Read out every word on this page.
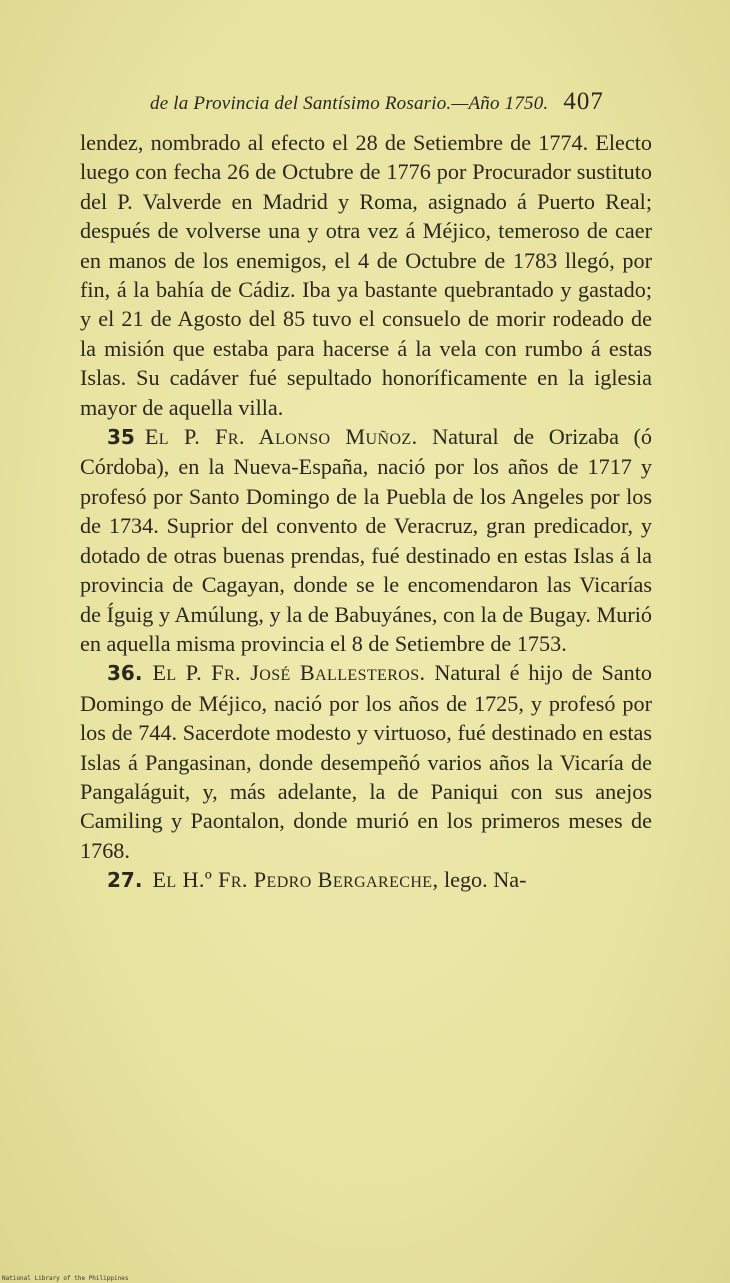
de la Provincia del Santísimo Rosario.—Año 1750. 407

lendez, nombrado al efecto el 28 de Setiembre de 1774. Electo luego con fecha 26 de Octubre de 1776 por Procurador sustituto del P. Valverde en Madrid y Roma, asignado á Puerto Real; después de volverse una y otra vez á Méjico, temeroso de caer en manos de los enemigos, el 4 de Octubre de 1783 llegó, por fin, á la bahía de Cádiz. Iba ya bastante quebrantado y gastado; y el 21 de Agosto del 85 tuvo el consuelo de morir rodeado de la misión que estaba para hacerse á la vela con rumbo á estas Islas. Su cadáver fué sepultado honoríficamente en la iglesia mayor de aquella villa.

35 El P. Fr. Alonso Muñoz. Natural de Orizaba (ó Córdoba), en la Nueva-España, nació por los años de 1717 y profesó por Santo Domingo de la Puebla de los Angeles por los de 1734. Suprior del convento de Veracruz, gran predicador, y dotado de otras buenas prendas, fué destinado en estas Islas á la provincia de Cagayan, donde se le encomendaron las Vicarías de Íguig y Amúlung, y la de Babuyánes, con la de Bugay. Murió en aquella misma provincia el 8 de Setiembre de 1753.

36. El P. Fr. José Ballesteros. Natural é hijo de Santo Domingo de Méjico, nació por los años de 1725, y profesó por los de 744. Sacerdote modesto y virtuoso, fué destinado en estas Islas á Pangasinan, donde desempeñó varios años la Vicaría de Pangaláguit, y, más adelante, la de Paniqui con sus anejos Camiling y Paontalon, donde murió en los primeros meses de 1768.

27. El H.º Fr. Pedro Bergareche, lego. Na-

National Library of the Philippines
